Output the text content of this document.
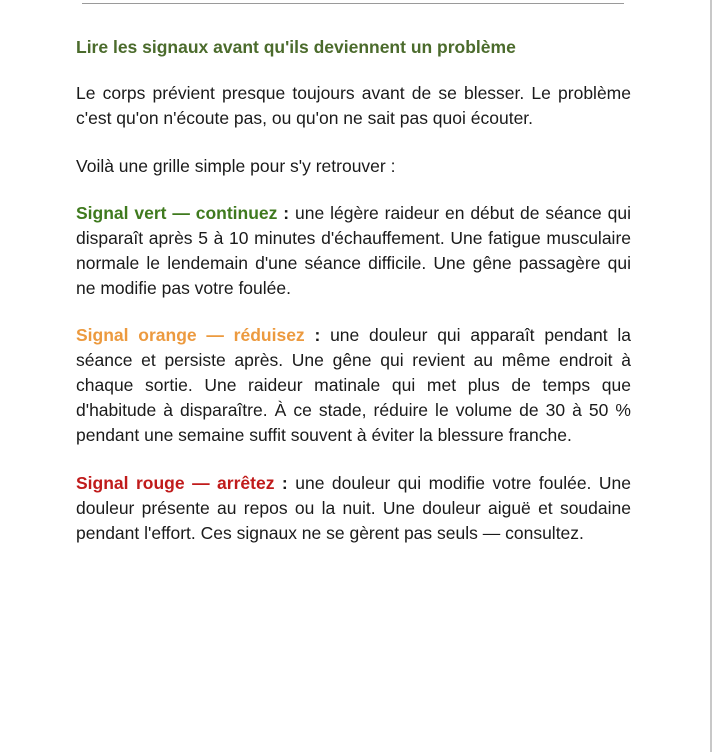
Lire les signaux avant qu'ils deviennent un problème

Le corps prévient presque toujours avant de se blesser. Le problème c'est qu'on n'écoute pas, ou qu'on ne sait pas quoi écouter.

Voilà une grille simple pour s'y retrouver :

Signal vert — continuez : une légère raideur en début de séance qui disparaît après 5 à 10 minutes d'échauffement. Une fatigue musculaire normale le lendemain d'une séance difficile. Une gêne passagère qui ne modifie pas votre foulée.

Signal orange — réduisez : une douleur qui apparaît pendant la séance et persiste après. Une gêne qui revient au même endroit à chaque sortie. Une raideur matinale qui met plus de temps que d'habitude à disparaître. À ce stade, réduire le volume de 30 à 50 % pendant une semaine suffit souvent à éviter la blessure franche.

Signal rouge — arrêtez : une douleur qui modifie votre foulée. Une douleur présente au repos ou la nuit. Une douleur aiguë et soudaine pendant l'effort. Ces signaux ne se gèrent pas seuls — consultez.
